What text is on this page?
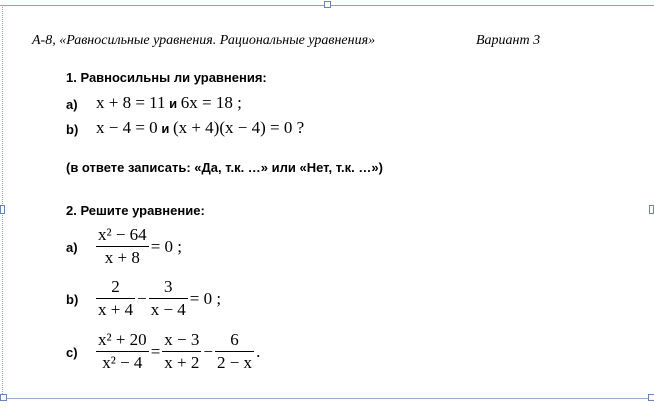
А-8, «Равносильные уравнения. Рациональные уравнения»	Вариант 3
1. Равносильны ли уравнения:
a) x + 8 = 11 и 6x = 18 ;
b) x − 4 = 0 и (x + 4)(x − 4) = 0 ?
(в ответе записать: «Да, т.к. …» или «Нет, т.к. …»)
2. Решите уравнение:
$a) \frac{\text{x² − 64}}{x + 8} = 0$ ;
$b) \frac{2}{x + 4} - \frac{3}{x - 4} = 0$ ;
$c) \frac{\text{x² + 20}}{\text{x² − 4}} = \frac{x - 3}{x + 2} - \frac{6}{2 - x}$ .
